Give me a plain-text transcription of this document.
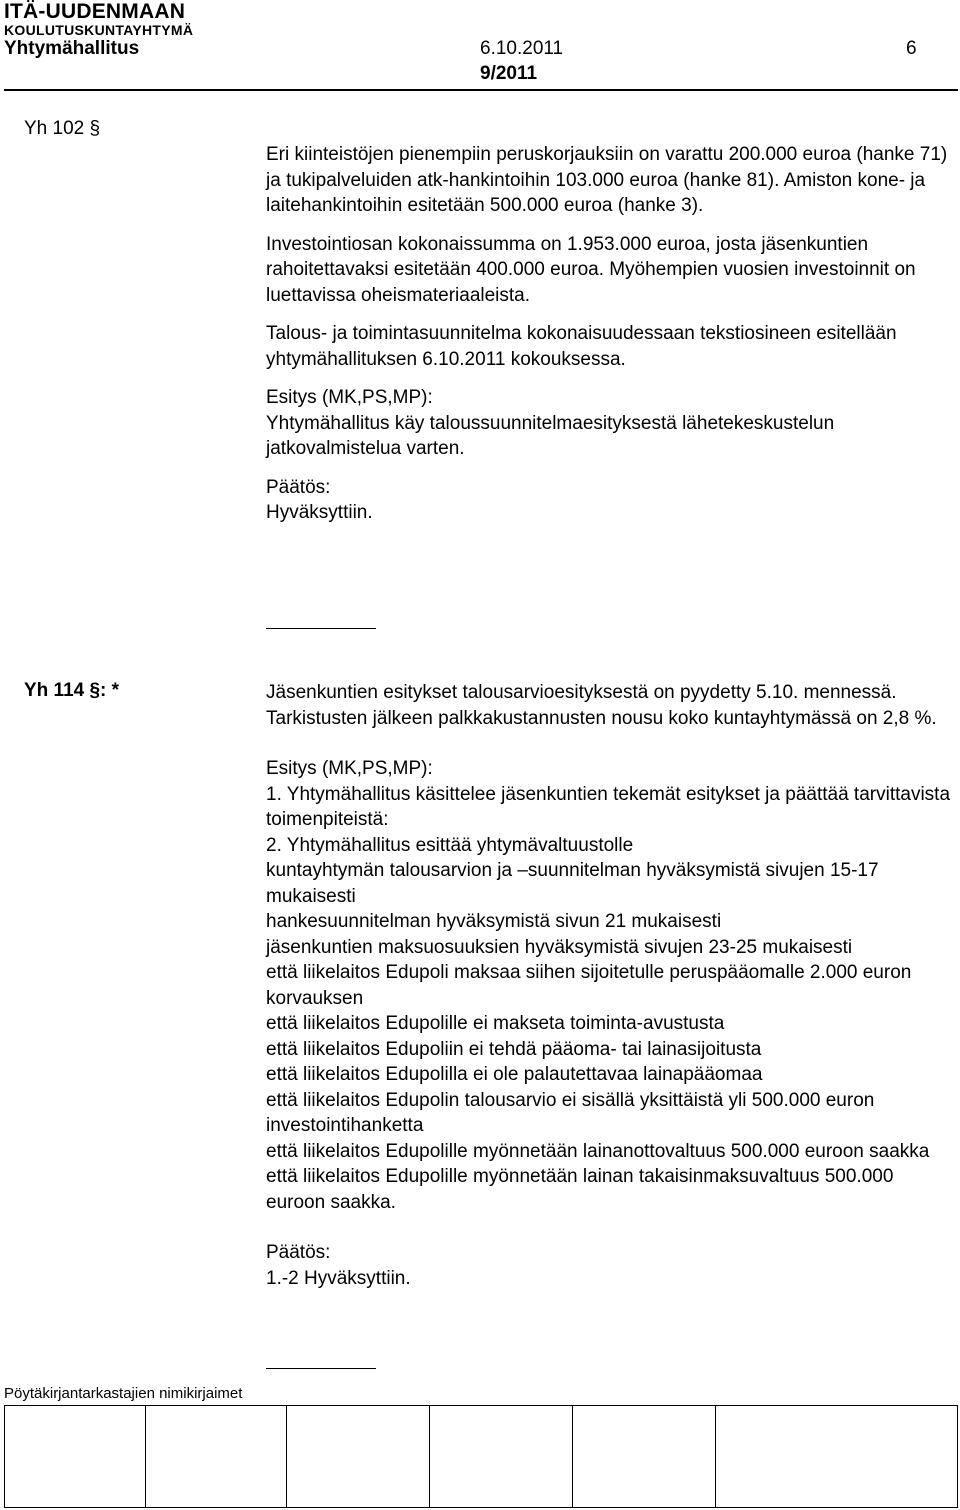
ITÄ-UUDENMAAN
KOULUTUSKUNTAYHTYMÄ
Yhtymähallitus	6.10.2011
9/2011
6
Yh 102 §

Eri kiinteistöjen pienempiin peruskorjauksiin on varattu 200.000 euroa (hanke 71) ja tukipalveluiden atk-hankintoihin 103.000 euroa (hanke 81). Amiston kone- ja laitehankintoihin esitetään 500.000 euroa (hanke 3).

Investointiosan kokonaissumma on 1.953.000 euroa, josta jäsenkuntien rahoitettavaksi esitetään 400.000 euroa. Myöhempien vuosien investoinnit on luettavissa oheismateriaaleista.

Talous- ja toimintasuunnitelma kokonaisuudessaan tekstiosineen esitellään yhtymähallituksen 6.10.2011 kokouksessa.

Esitys (MK,PS,MP):

Yhtymähallitus käy taloussuunnitelmaesityksestä lähetekeskustelun jatkovalmistelua varten.

Päätös:

Hyväksyttiin.

Yh 114 §: *	Jäsenkuntien esitykset talousarvioesityksestä on pyydetty 5.10. mennessä. Tarkistusten jälkeen palkkakustannusten nousu koko kuntayhtymässä on 2,8 %.

Esitys (MK,PS,MP):

1. Yhtymähallitus käsittelee jäsenkuntien tekemät esitykset ja päättää tarvittavista toimenpiteistä:

2. Yhtymähallitus esittää yhtymävaltuustolle

kuntayhtymän talousarvion ja –suunnitelman hyväksymistä sivujen 15-17 mukaisesti

hankesuunnitelman hyväksymistä sivun 21 mukaisesti

jäsenkuntien maksuosuuksien hyväksymistä sivujen 23-25 mukaisesti

että liikelaitos Edupoli maksaa siihen sijoitetulle peruspääomalle 2.000 euron korvauksen

että liikelaitos Edupolille ei makseta toiminta-avustusta

että liikelaitos Edupoliin ei tehdä pääoma- tai lainasijoitusta

että liikelaitos Edupolilla ei ole palautettavaa lainapääomaa

että liikelaitos Edupolin talousarvio ei sisällä yksittäistä yli 500.000 euron investointihanketta

että liikelaitos Edupolille myönnetään lainanottovaltuus 500.000 euroon saakka

että liikelaitos Edupolille myönnetään lainan takaisinmaksuvaltuus 500.000 euroon saakka.

Päätös:

1.-2 Hyväksyttiin.

Pöytäkirjantarkastajien nimikirjaimet
